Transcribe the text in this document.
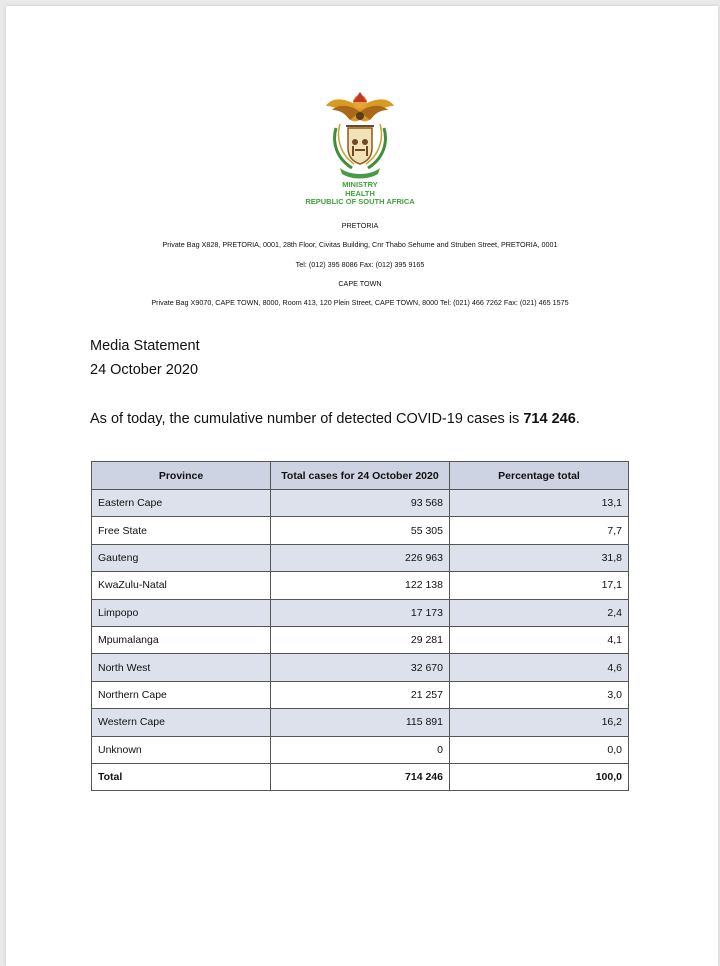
MINISTRY
HEALTH
REPUBLIC OF SOUTH AFRICA
PRETORIA
Private Bag X828, PRETORIA, 0001, 28th Floor, Civitas Building, Cnr Thabo Sehume and Struben Street, PRETORIA, 0001
Tel: (012) 395 8086 Fax: (012) 395 9165
CAPE TOWN
Private Bag X9070, CAPE TOWN, 8000, Room 413, 120 Plein Street, CAPE TOWN, 8000 Tel: (021) 466 7262 Fax: (021) 465 1575
Media Statement
24 October 2020
As of today, the cumulative number of detected COVID-19 cases is 714 246.
Province	Total cases for 24 October 2020	Percentage total
Eastern Cape	93 568	13,1
Free State	55 305	7,7
Gauteng	226 963	31,8
KwaZulu-Natal	122 138	17,1
Limpopo	17 173	2,4
Mpumalanga	29 281	4,1
North West	32 670	4,6
Northern Cape	21 257	3,0
Western Cape	115 891	16,2
Unknown	0	0,0
Total	714 246	100,0
